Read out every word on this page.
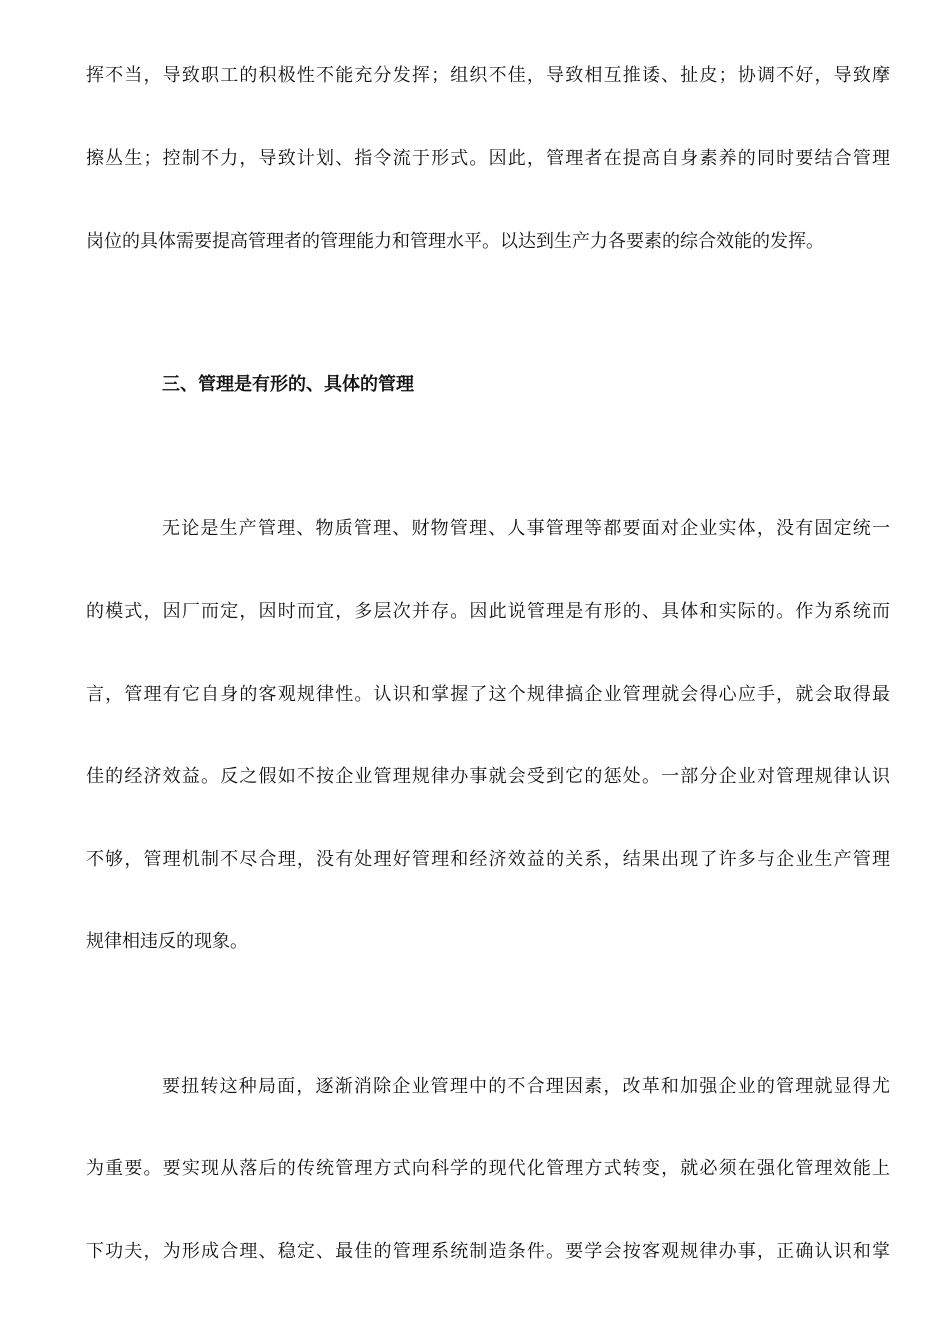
挥不当，导致职工的积极性不能充分发挥；组织不佳，导致相互推诿、扯皮；协调不好，导致摩
擦丛生；控制不力，导致计划、指令流于形式。因此，管理者在提高自身素养的同时要结合管理
岗位的具体需要提高管理者的管理能力和管理水平。以达到生产力各要素的综合效能的发挥。
三、管理是有形的、具体的管理
无论是生产管理、物质管理、财物管理、人事管理等都要面对企业实体，没有固定统一
的模式，因厂而定，因时而宜，多层次并存。因此说管理是有形的、具体和实际的。作为系统而
言，管理有它自身的客观规律性。认识和掌握了这个规律搞企业管理就会得心应手，就会取得最
佳的经济效益。反之假如不按企业管理规律办事就会受到它的惩处。一部分企业对管理规律认识
不够，管理机制不尽合理，没有处理好管理和经济效益的关系，结果出现了许多与企业生产管理
规律相违反的现象。
要扭转这种局面，逐渐消除企业管理中的不合理因素，改革和加强企业的管理就显得尤
为重要。要实现从落后的传统管理方式向科学的现代化管理方式转变，就必须在强化管理效能上
下功夫，为形成合理、稳定、最佳的管理系统制造条件。要学会按客观规律办事，正确认识和掌
